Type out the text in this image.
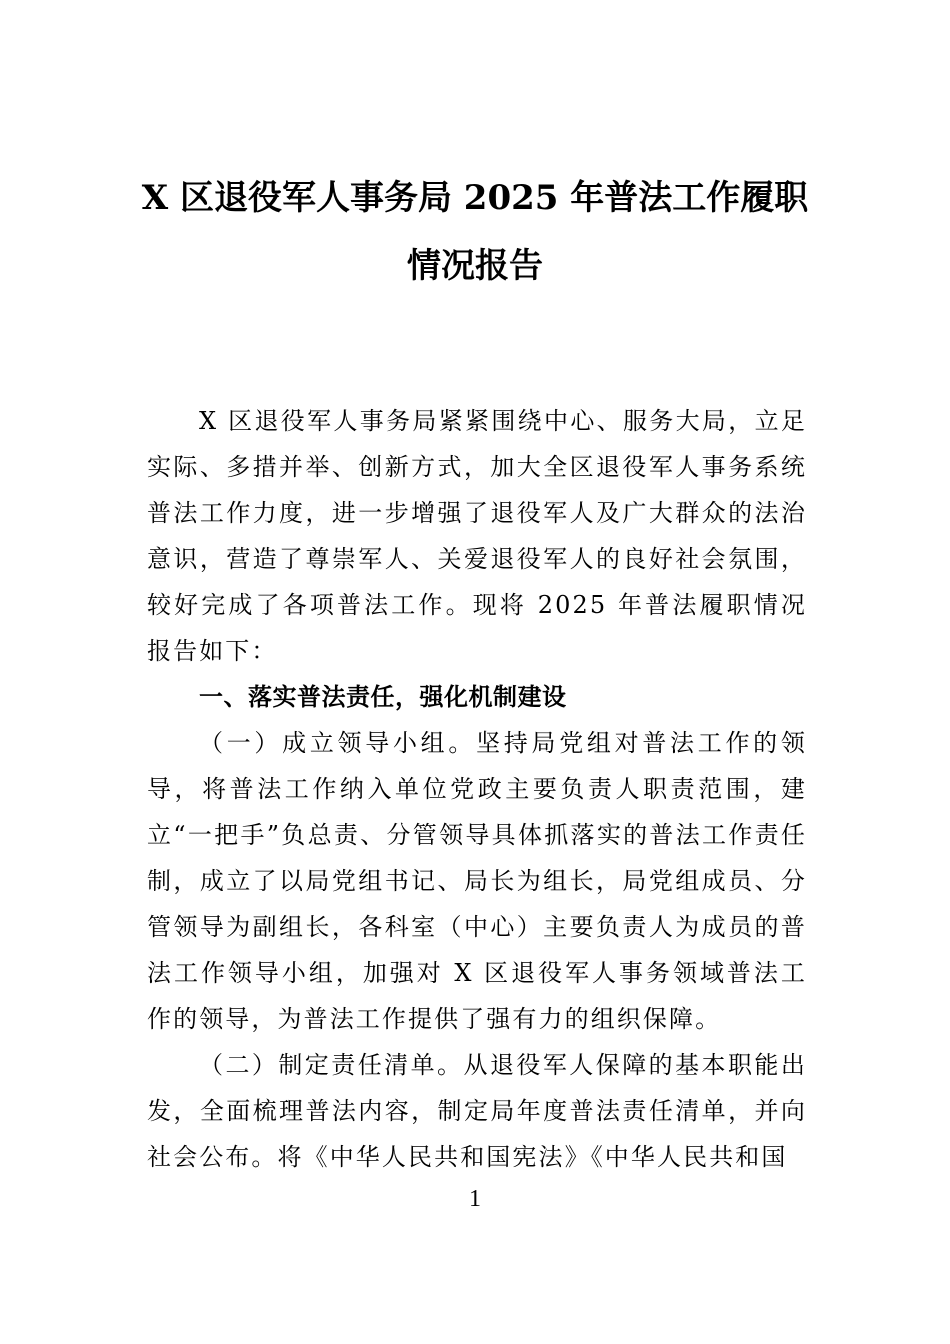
X 区退役军人事务局 2025 年普法工作履职
情况报告

X 区退役军人事务局紧紧围绕中心、服务大局，立足实际、多措并举、创新方式，加大全区退役军人事务系统普法工作力度，进一步增强了退役军人及广大群众的法治意识，营造了尊崇军人、关爱退役军人的良好社会氛围，较好完成了各项普法工作。现将 2025 年普法履职情况报告如下：

一、落实普法责任，强化机制建设

（一）成立领导小组。坚持局党组对普法工作的领导，将普法工作纳入单位党政主要负责人职责范围，建立“一把手”负总责、分管领导具体抓落实的普法工作责任制，成立了以局党组书记、局长为组长，局党组成员、分管领导为副组长，各科室（中心）主要负责人为成员的普法工作领导小组，加强对 X 区退役军人事务领域普法工作的领导，为普法工作提供了强有力的组织保障。

（二）制定责任清单。从退役军人保障的基本职能出发，全面梳理普法内容，制定局年度普法责任清单，并向社会公布。将《中华人民共和国宪法》《中华人民共和国

1
